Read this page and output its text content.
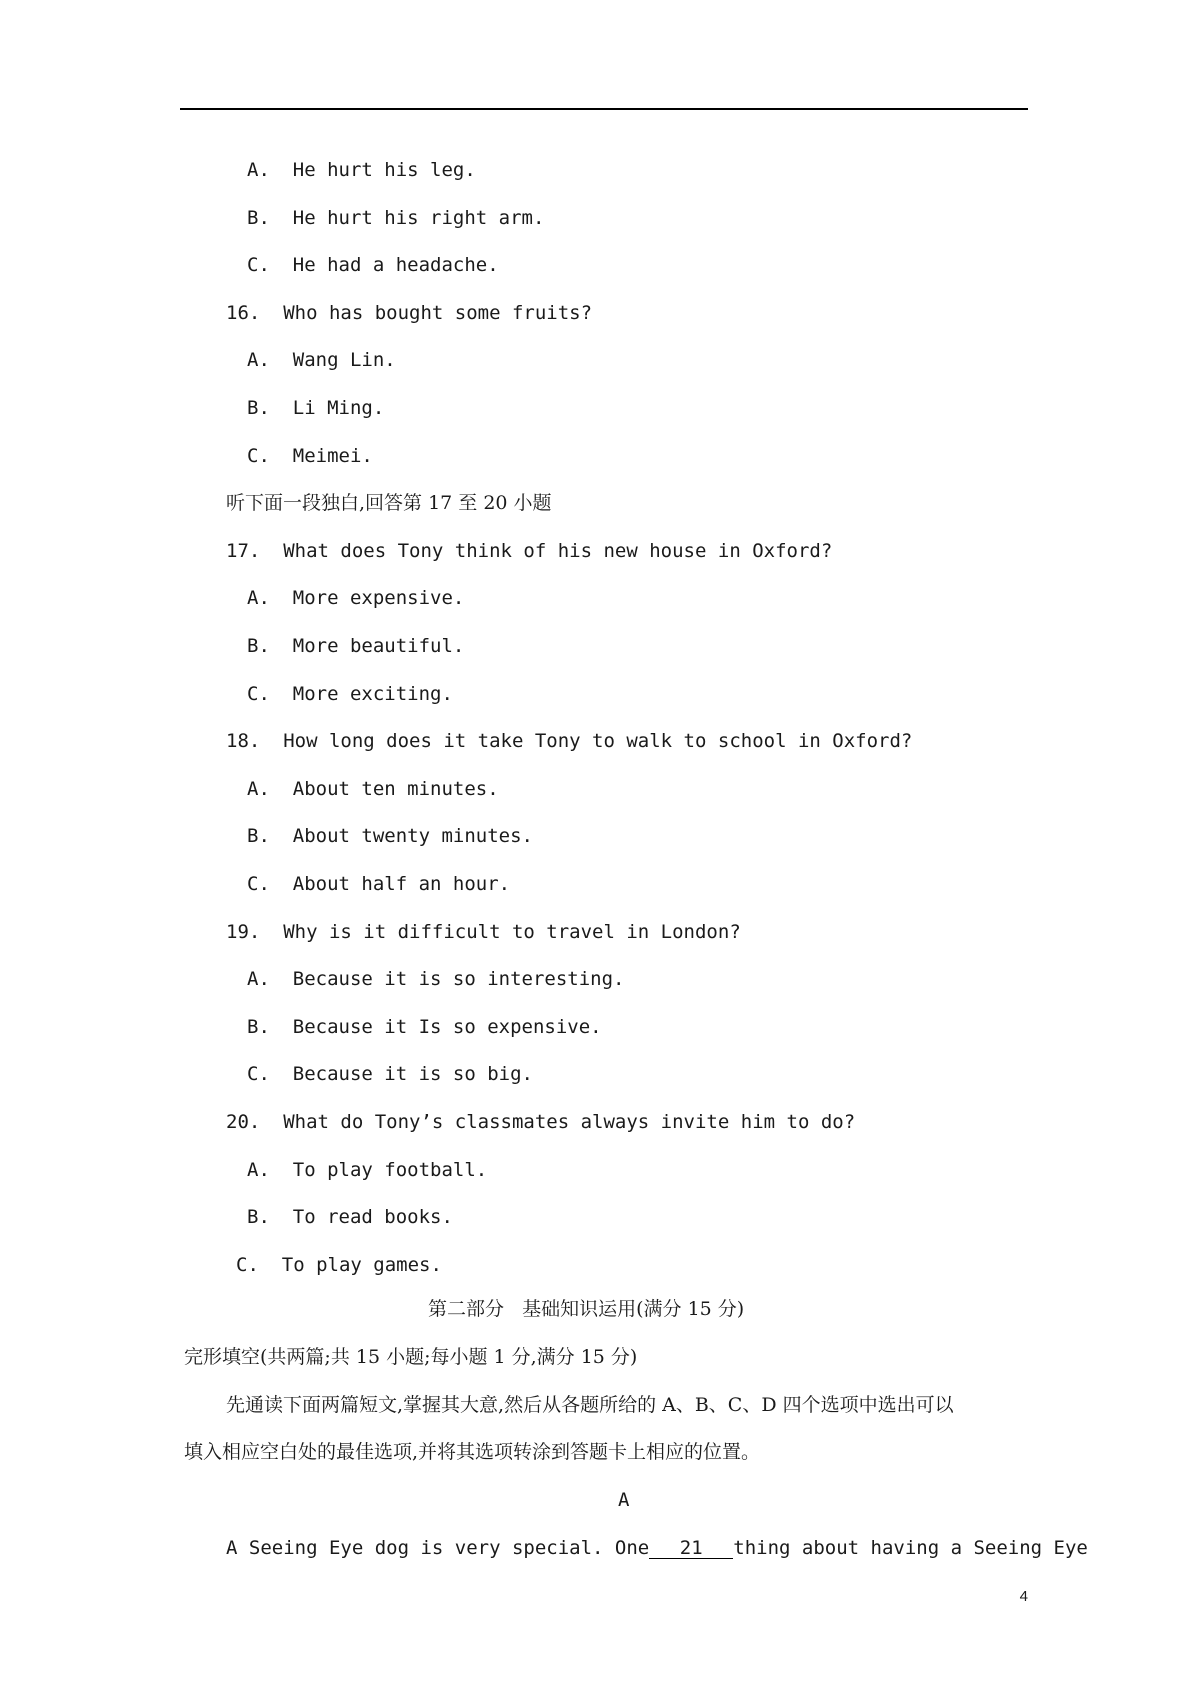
A.  He hurt his leg.
B.  He hurt his right arm.
C.  He had a headache.
16.  Who has bought some fruits?
A.  Wang Lin.
B.  Li Ming.
C.  Meimei.
听下面一段独白,回答第 17 至 20 小题
17.  What does Tony think of his new house in Oxford?
A.  More expensive.
B.  More beautiful.
C.  More exciting.
18.  How long does it take Tony to walk to school in Oxford?
A.  About ten minutes.
B.  About twenty minutes.
C.  About half an hour.
19.  Why is it difficult to travel in London?
A.  Because it is so interesting.
B.  Because it Is so expensive.
C.  Because it is so big.
20.  What do Tony’s classmates always invite him to do?
A.  To play football.
B.  To read books.
C.  To play games.
第二部分   基础知识运用(满分 15 分)
完形填空(共两篇;共 15 小题;每小题 1 分,满分 15 分)
先通读下面两篇短文,掌握其大意,然后从各题所给的 A、B、C、D 四个选项中选出可以
填入相应空白处的最佳选项,并将其选项转涂到答题卡上相应的位置。
A
A Seeing Eye dog is very special. One 21 thing about having a Seeing Eye
4
